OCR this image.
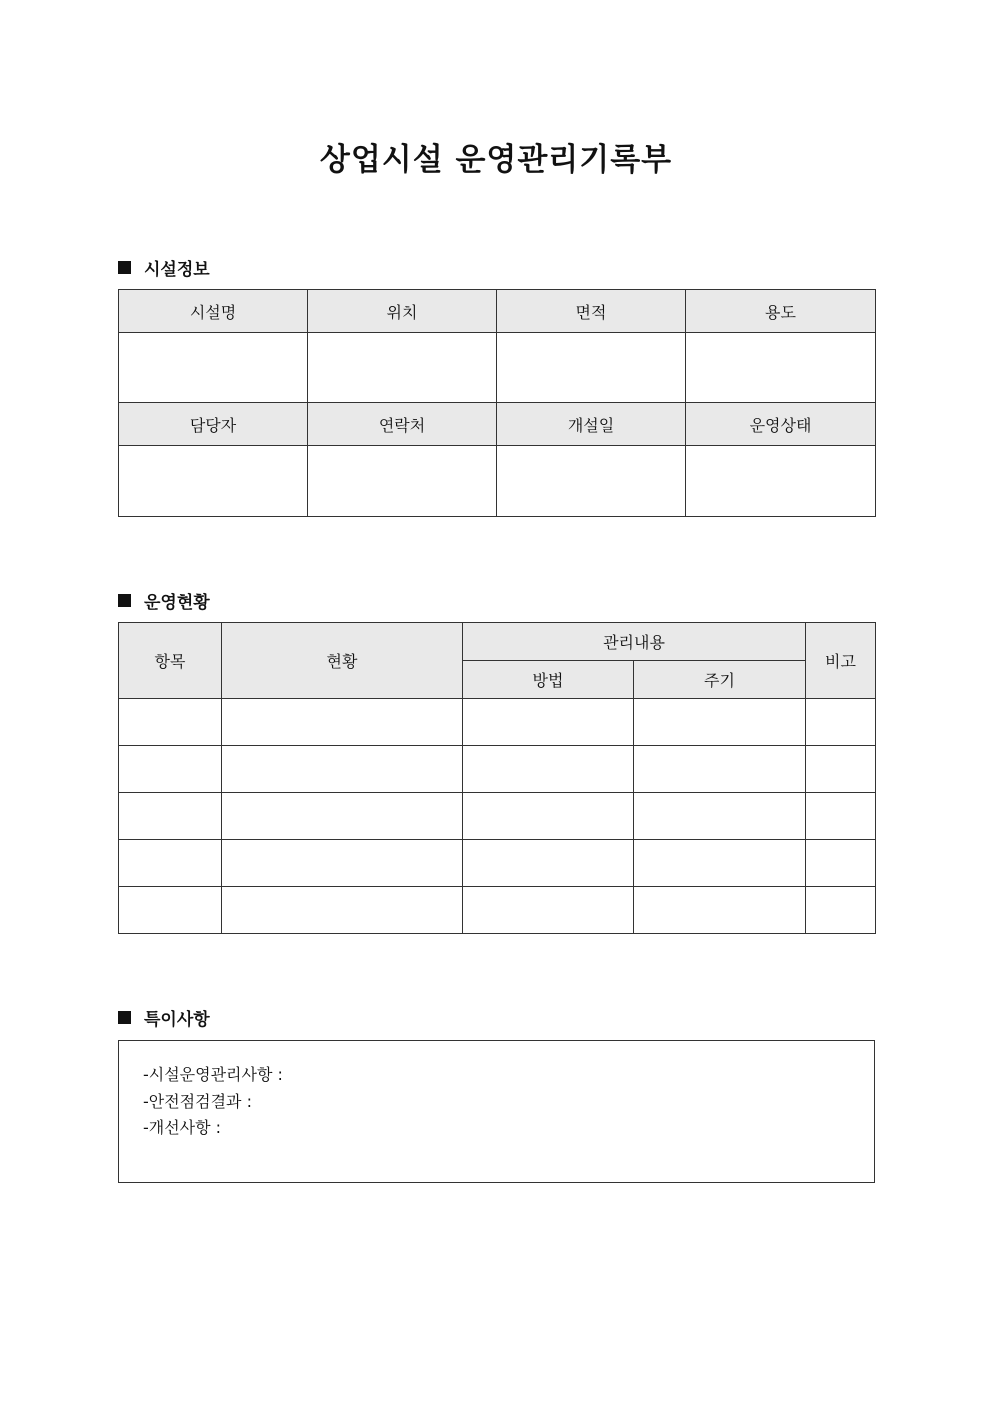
상업시설 운영관리기록부
시설정보
시설명	위치	면적	용도

담당자	연락처	개설일	운영상태

운영현황
항목	현황	관리내용		비고
		방법	주기	

특이사항
-시설운영관리사항 :
-안전점검결과 :
-개선사항 :
